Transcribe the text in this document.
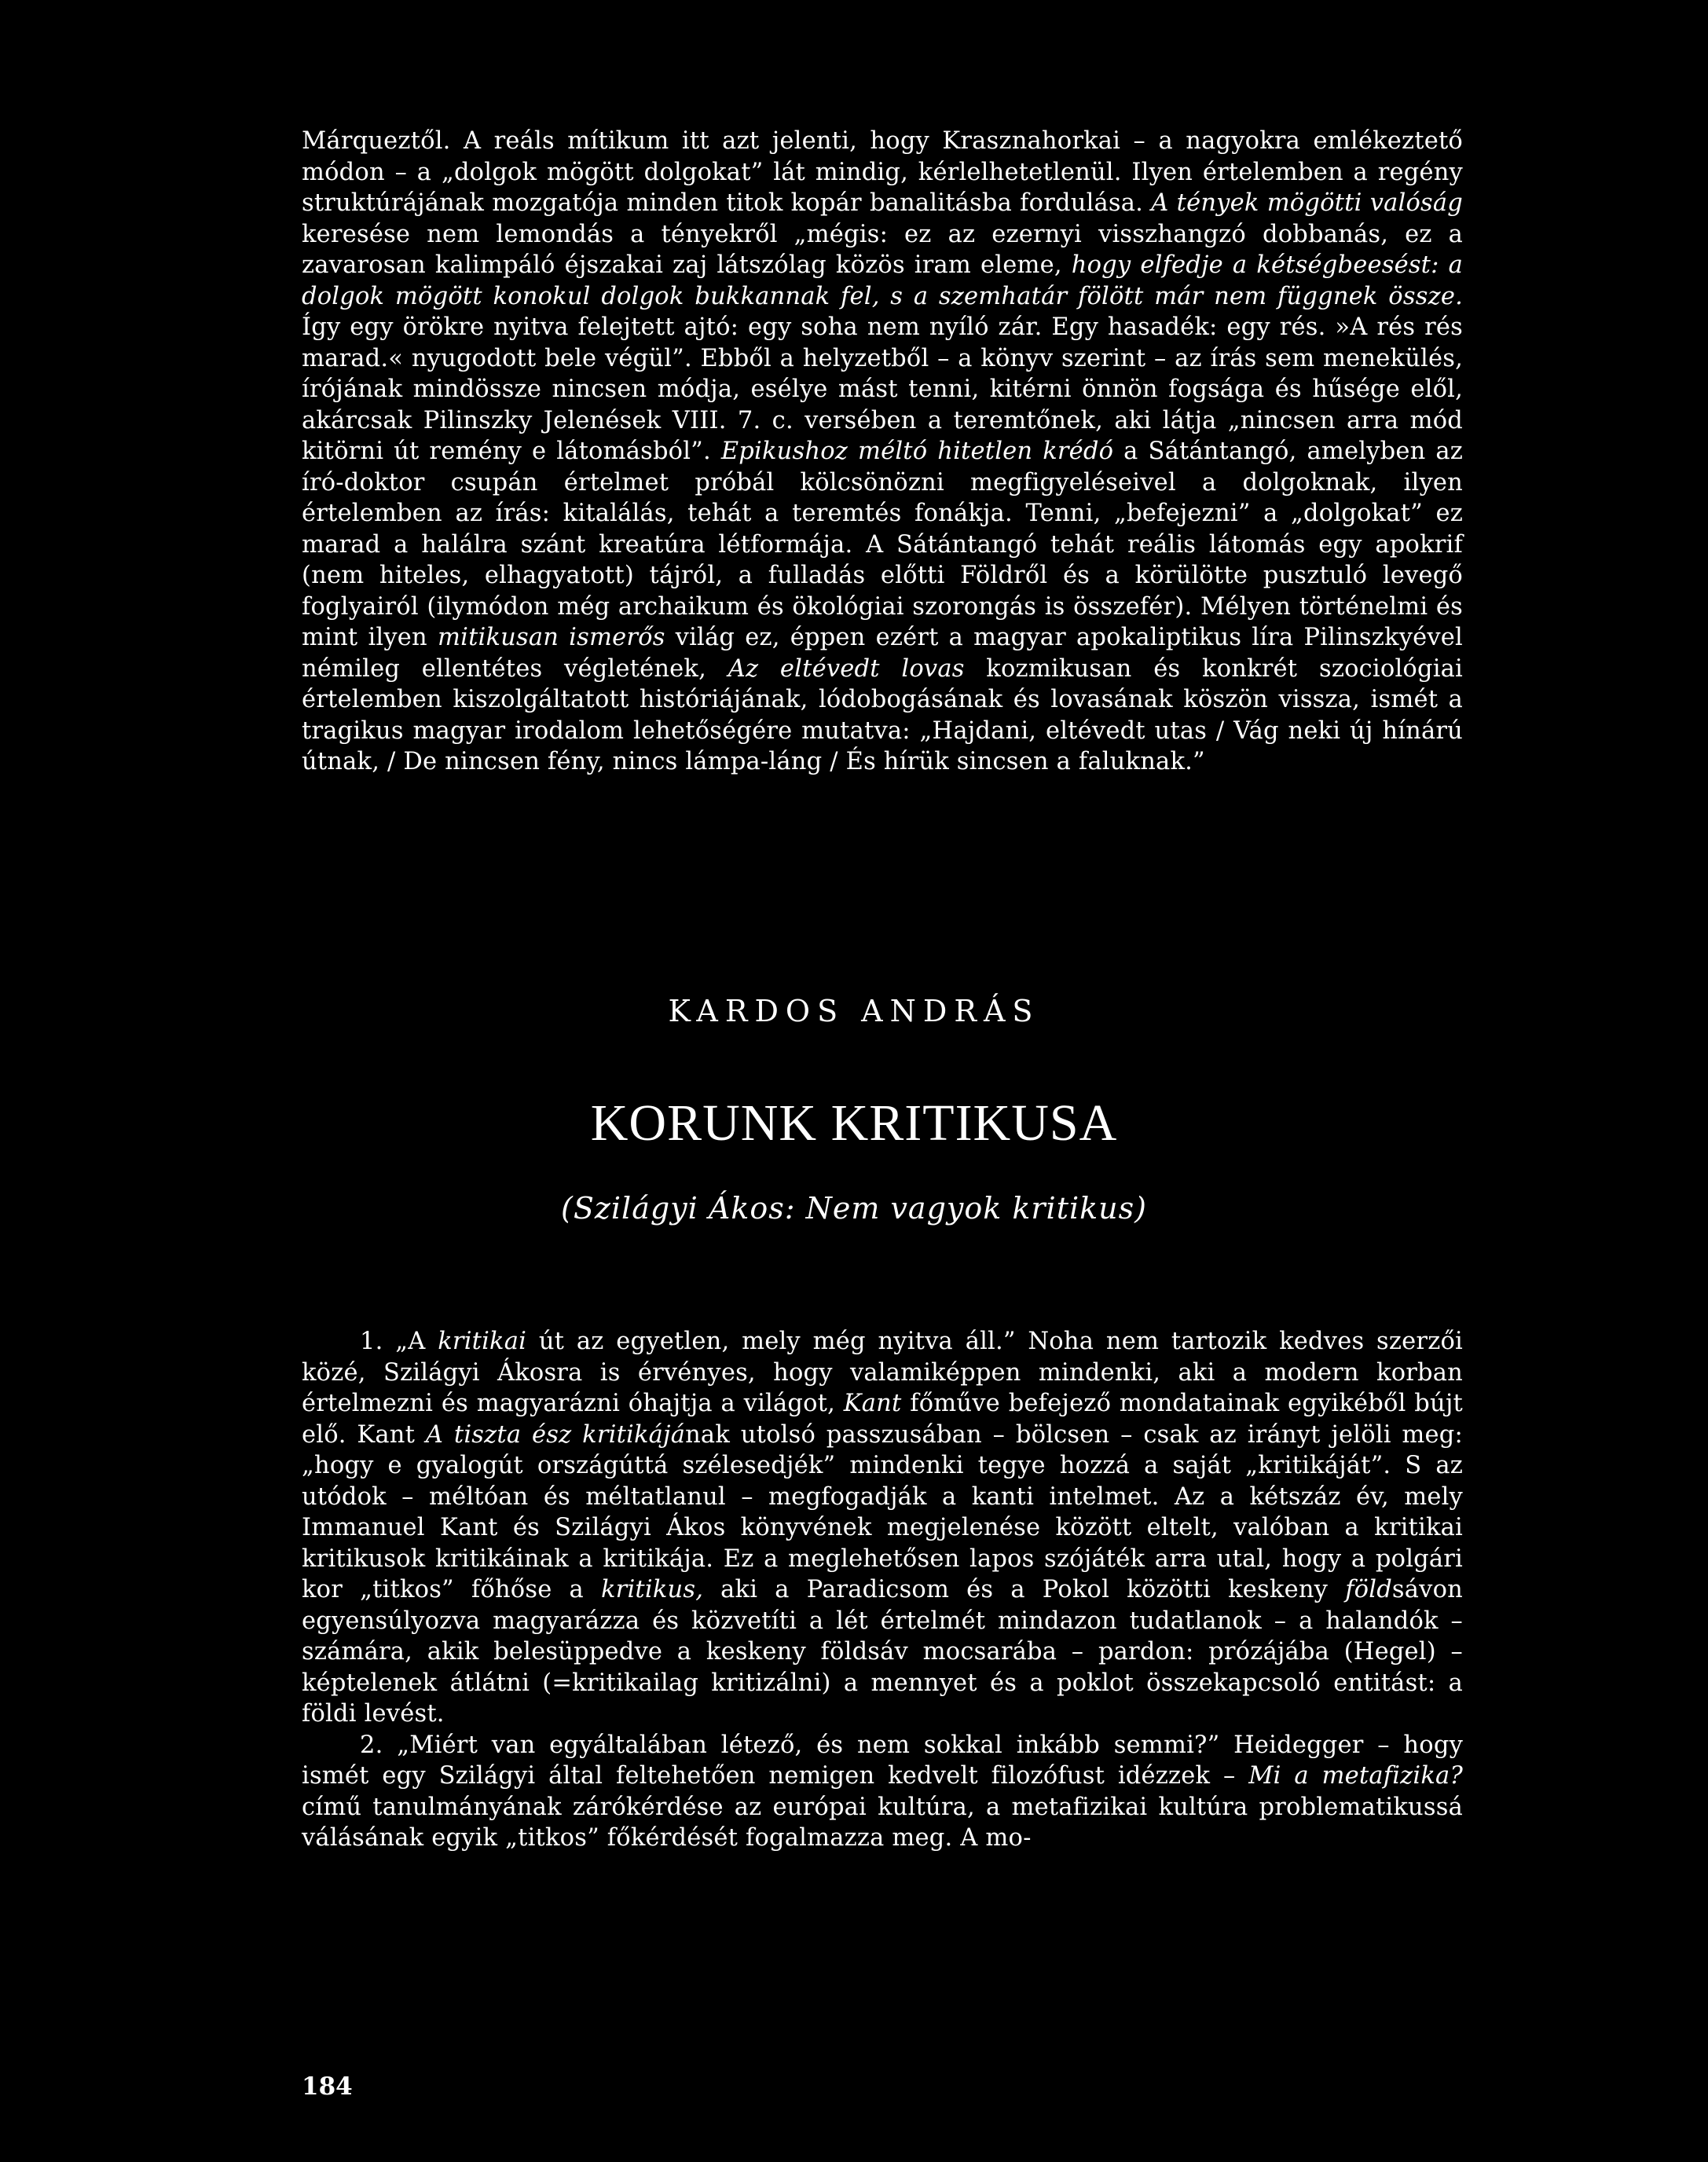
Márqueztől. A reáls mítikum itt azt jelenti, hogy Krasznahorkai – a nagyokra emlékeztető módon – a „dolgok mögött dolgokat” lát mindig, kérlelhetetlenül. Ilyen értelemben a regény struktúrájának mozgatója minden titok kopár banalitásba fordulása. A tények mögötti valóság keresése nem lemondás a tényekről „mégis: ez az ezernyi visszhangzó dobbanás, ez a zavarosan kalimpáló éjszakai zaj látszólag közös iram eleme, hogy elfedje a kétségbeesést: a dolgok mögött konokul dolgok bukkannak fel, s a szemhatár fölött már nem függnek össze. Így egy örökre nyitva felejtett ajtó: egy soha nem nyíló zár. Egy hasadék: egy rés. »A rés rés marad.« nyugodott bele végül”. Ebből a helyzetből – a könyv szerint – az írás sem menekülés, írójának mindössze nincsen módja, esélye mást tenni, kitérni önnön fogsága és hűsége elől, akárcsak Pilinszky Jelenések VIII. 7. c. versében a teremtőnek, aki látja „nincsen arra mód kitörni út remény e látomásból”. Epikushoz méltó hitetlen krédó a Sátántangó, amelyben az író-doktor csupán értelmet próbál kölcsönözni megfigyeléseivel a dolgoknak, ilyen értelemben az írás: kitalálás, tehát a teremtés fonákja. Tenni, „befejezni” a „dolgokat” ez marad a halálra szánt kreatúra létformája. A Sátántangó tehát reális látomás egy apokrif (nem hiteles, elhagyatott) tájról, a fulladás előtti Földről és a körülötte pusztuló levegő foglyairól (ilymódon még archaikum és ökológiai szorongás is összefér). Mélyen történelmi és mint ilyen mitikusan ismerős világ ez, éppen ezért a magyar apokaliptikus líra Pilinszkyével némileg ellentétes végletének, Az eltévedt lovas kozmikusan és konkrét szociológiai értelemben kiszolgáltatott históriájának, lódobogásának és lovasának köszön vissza, ismét a tragikus magyar irodalom lehetőségére mutatva: „Hajdani, eltévedt utas / Vág neki új hínárú útnak, / De nincsen fény, nincs lámpa-láng / És hírük sincsen a faluknak.”

KARDOS ANDRÁS
KORUNK KRITIKUSA
(Szilágyi Ákos: Nem vagyok kritikus)

1. „A kritikai út az egyetlen, mely még nyitva áll.” Noha nem tartozik kedves szerzői közé, Szilágyi Ákosra is érvényes, hogy valamiképpen mindenki, aki a modern korban értelmezni és magyarázni óhajtja a világot, Kant főműve befejező mondatainak egyikéből bújt elő. Kant A tiszta ész kritikájának utolsó passzusában – bölcsen – csak az irányt jelöli meg: „hogy e gyalogút országúttá szélesedjék” mindenki tegye hozzá a saját „kritikáját”. S az utódok – méltóan és méltatlanul – megfogadják a kanti intelmet. Az a kétszáz év, mely Immanuel Kant és Szilágyi Ákos könyvének megjelenése között eltelt, valóban a kritikai kritikusok kritikáinak a kritikája. Ez a meglehetősen lapos szójáték arra utal, hogy a polgári kor „titkos” főhőse a kritikus, aki a Paradicsom és a Pokol közötti keskeny földsávon egyensúlyozva magyarázza és közvetíti a lét értelmét mindazon tudatlanok – a halandók – számára, akik belesüppedve a keskeny földsáv mocsarába – pardon: prózájába (Hegel) – képtelenek átlátni (=kritikailag kritizálni) a mennyet és a poklot összekapcsoló entitást: a földi levést.

2. „Miért van egyáltalában létező, és nem sokkal inkább semmi?” Heidegger – hogy ismét egy Szilágyi által feltehetően nemigen kedvelt filozófust idézzek – Mi a metafizika? című tanulmányának zárókérdése az európai kultúra, a metafizikai kultúra problematikussá válásának egyik „titkos” főkérdését fogalmazza meg. A mo-

184
